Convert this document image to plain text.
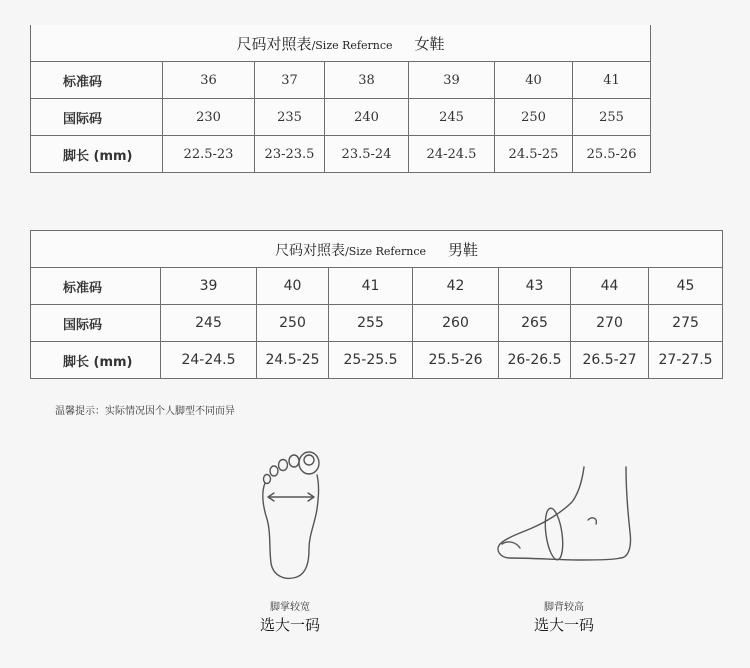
尺码对照表/Size Refernce 女鞋						
标准码	36	37	38	39	40	41
国际码	230	235	240	245	250	255
脚长 (mm)	22.5-23	23-23.5	23.5-24	24-24.5	24.5-25	25.5-26
尺码对照表/Size Refernce 男鞋							
标准码	39	40	41	42	43	44	45
国际码	245	250	255	260	265	270	275
脚长 (mm)	24-24.5	24.5-25	25-25.5	25.5-26	26-26.5	26.5-27	27-27.5
温馨提示：实际情况因个人脚型不同而异
脚掌较宽
选大一码
脚背较高
选大一码
